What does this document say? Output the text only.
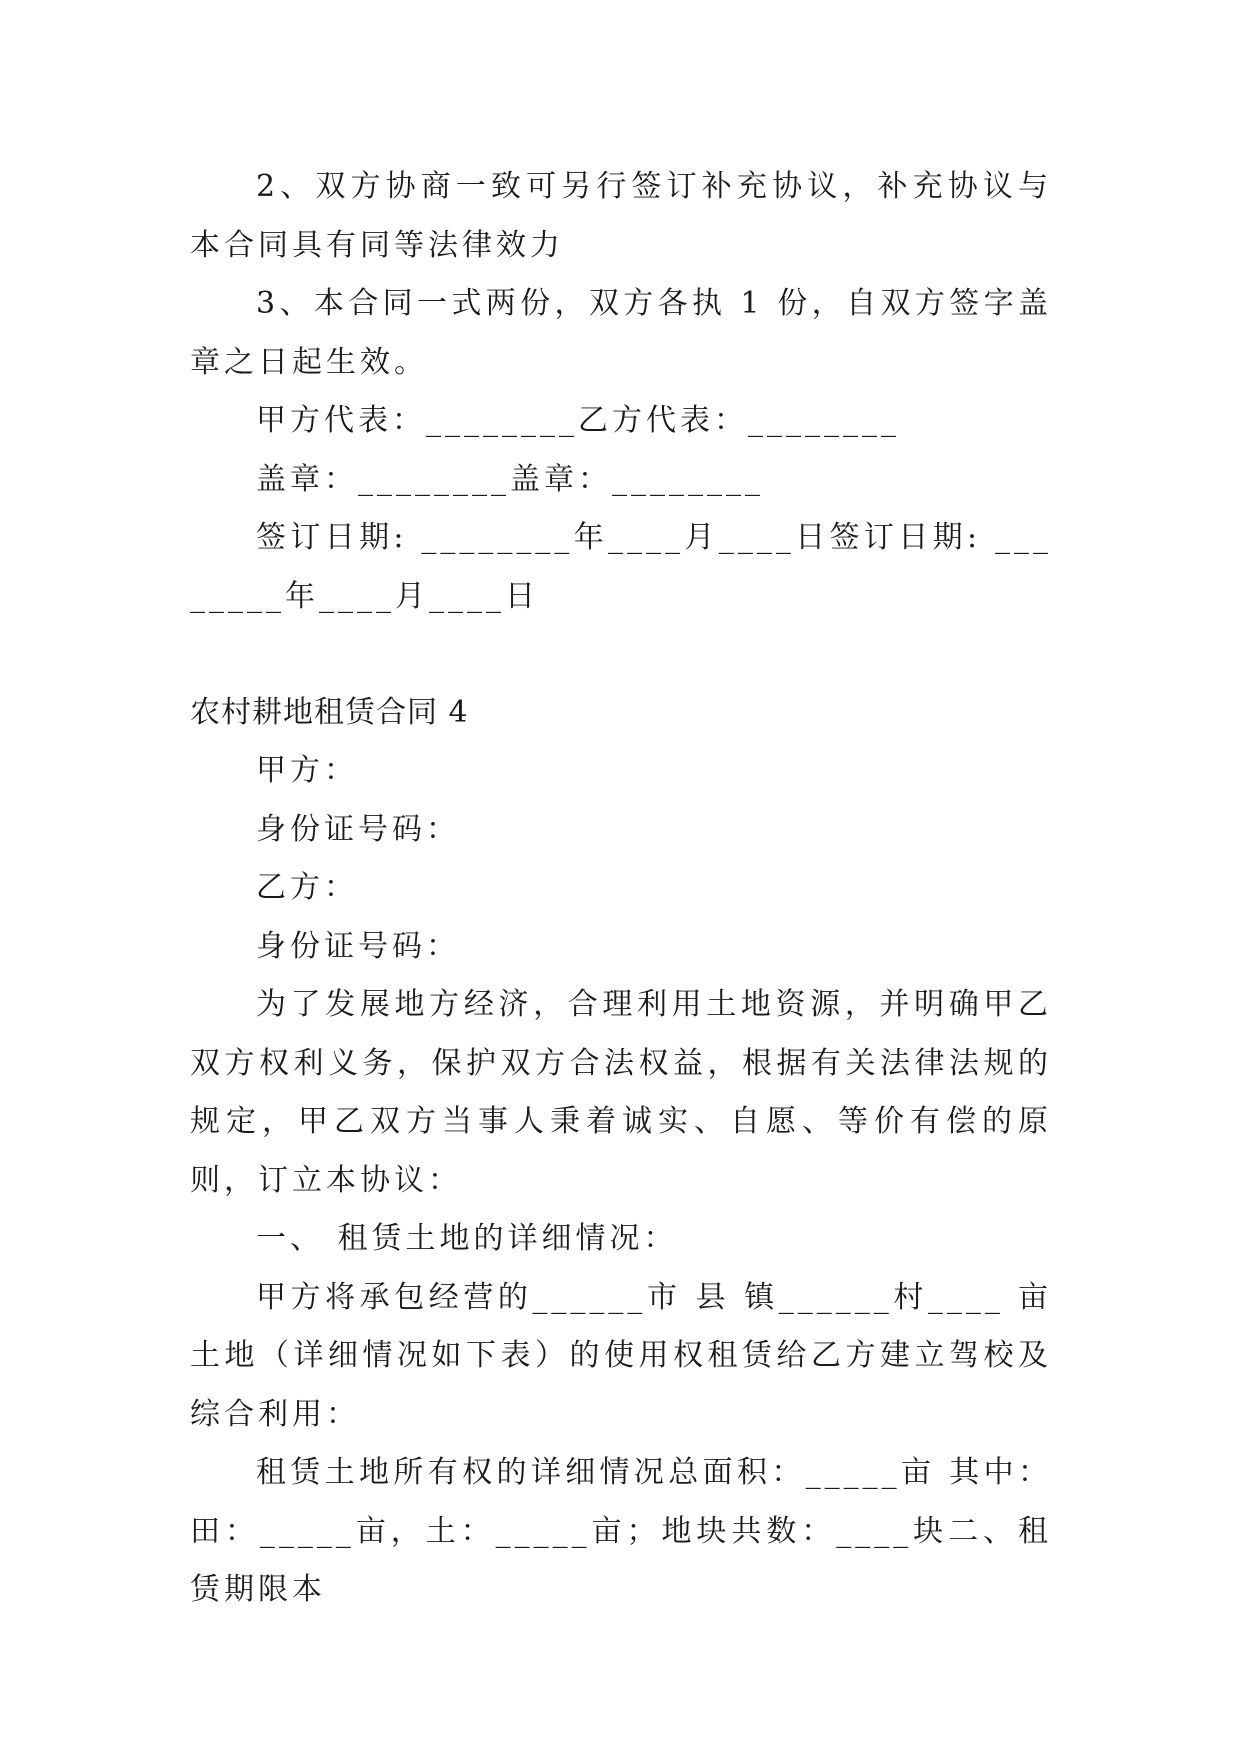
2、双方协商一致可另行签订补充协议，补充协议与本合同具有同等法律效力

3、本合同一式两份，双方各执 1 份，自双方签字盖章之日起生效。

甲方代表：________乙方代表：________

盖章：________盖章：________

签订日期: ________年____月____日签订日期: ________年____月____日

农村耕地租赁合同 4

甲方：

身份证号码：

乙方：

身份证号码：

为了发展地方经济，合理利用土地资源，并明确甲乙双方权利义务，保护双方合法权益，根据有关法律法规的规定，甲乙双方当事人秉着诚实、自愿、等价有偿的原则，订立本协议：

一、 租赁土地的详细情况：

甲方将承包经营的______市 县 镇______村____ 亩土地（详细情况如下表）的使用权租赁给乙方建立驾校及综合利用：

租赁土地所有权的详细情况总面积：_____亩 其中：田：_____亩，土：_____亩；地块共数：____块二、租赁期限本
